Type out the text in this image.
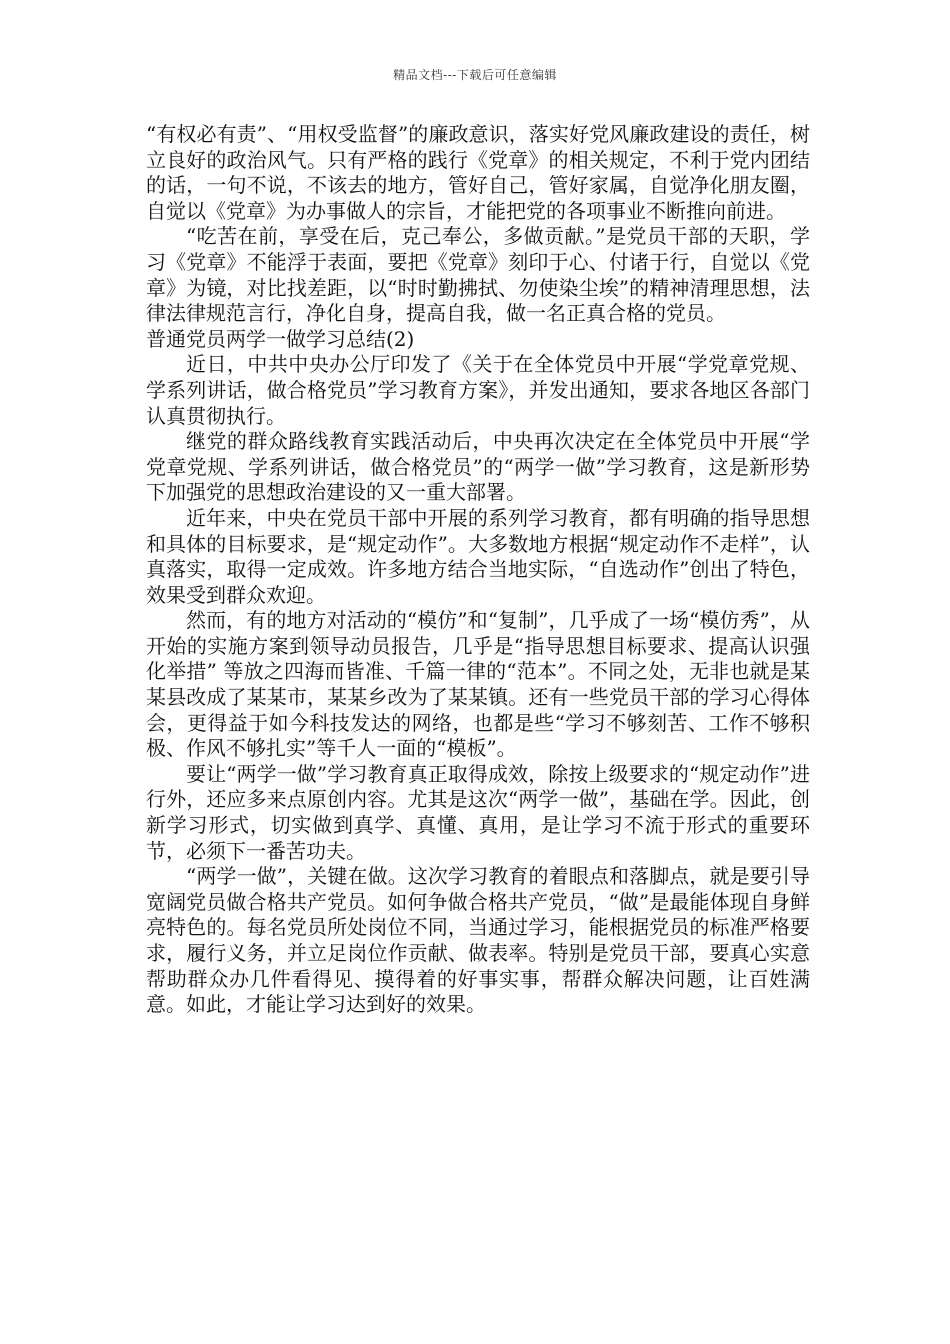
精品文档---下载后可任意编辑

“有权必有责”、“用权受监督”的廉政意识，落实好党风廉政建设的责任，树立良好的政治风气。只有严格的践行《党章》的相关规定，不利于党内团结的话，一句不说，不该去的地方，管好自己，管好家属，自觉净化朋友圈，自觉以《党章》为办事做人的宗旨，才能把党的各项事业不断推向前进。

“吃苦在前，享受在后，克己奉公，多做贡献。”是党员干部的天职，学习《党章》不能浮于表面，要把《党章》刻印于心、付诸于行，自觉以《党章》为镜，对比找差距，以“时时勤拂拭、勿使染尘埃”的精神清理思想，法律法律规范言行，净化自身，提高自我，做一名正真合格的党员。

普通党员两学一做学习总结(2)

近日，中共中央办公厅印发了《关于在全体党员中开展“学党章党规、学系列讲话，做合格党员”学习教育方案》，并发出通知，要求各地区各部门认真贯彻执行。

继党的群众路线教育实践活动后，中央再次决定在全体党员中开展“学党章党规、学系列讲话，做合格党员”的“两学一做”学习教育，这是新形势下加强党的思想政治建设的又一重大部署。

近年来，中央在党员干部中开展的系列学习教育，都有明确的指导思想和具体的目标要求，是“规定动作”。大多数地方根据“规定动作不走样”，认真落实，取得一定成效。许多地方结合当地实际，“自选动作”创出了特色，效果受到群众欢迎。

然而，有的地方对活动的“模仿”和“复制”，几乎成了一场“模仿秀”，从开始的实施方案到领导动员报告，几乎是“指导思想目标要求、提高认识强化举措” 等放之四海而皆准、千篇一律的“范本”。不同之处，无非也就是某某县改成了某某市，某某乡改为了某某镇。还有一些党员干部的学习心得体会，更得益于如今科技发达的网络，也都是些“学习不够刻苦、工作不够积极、作风不够扎实”等千人一面的“模板”。

要让“两学一做”学习教育真正取得成效，除按上级要求的“规定动作”进行外，还应多来点原创内容。尤其是这次“两学一做”，基础在学。因此，创新学习形式，切实做到真学、真懂、真用，是让学习不流于形式的重要环节，必须下一番苦功夫。

“两学一做”，关键在做。这次学习教育的着眼点和落脚点，就是要引导宽阔党员做合格共产党员。如何争做合格共产党员，“做”是最能体现自身鲜亮特色的。每名党员所处岗位不同，当通过学习，能根据党员的标准严格要求，履行义务，并立足岗位作贡献、做表率。特别是党员干部，要真心实意帮助群众办几件看得见、摸得着的好事实事，帮群众解决问题，让百姓满意。如此，才能让学习达到好的效果。
